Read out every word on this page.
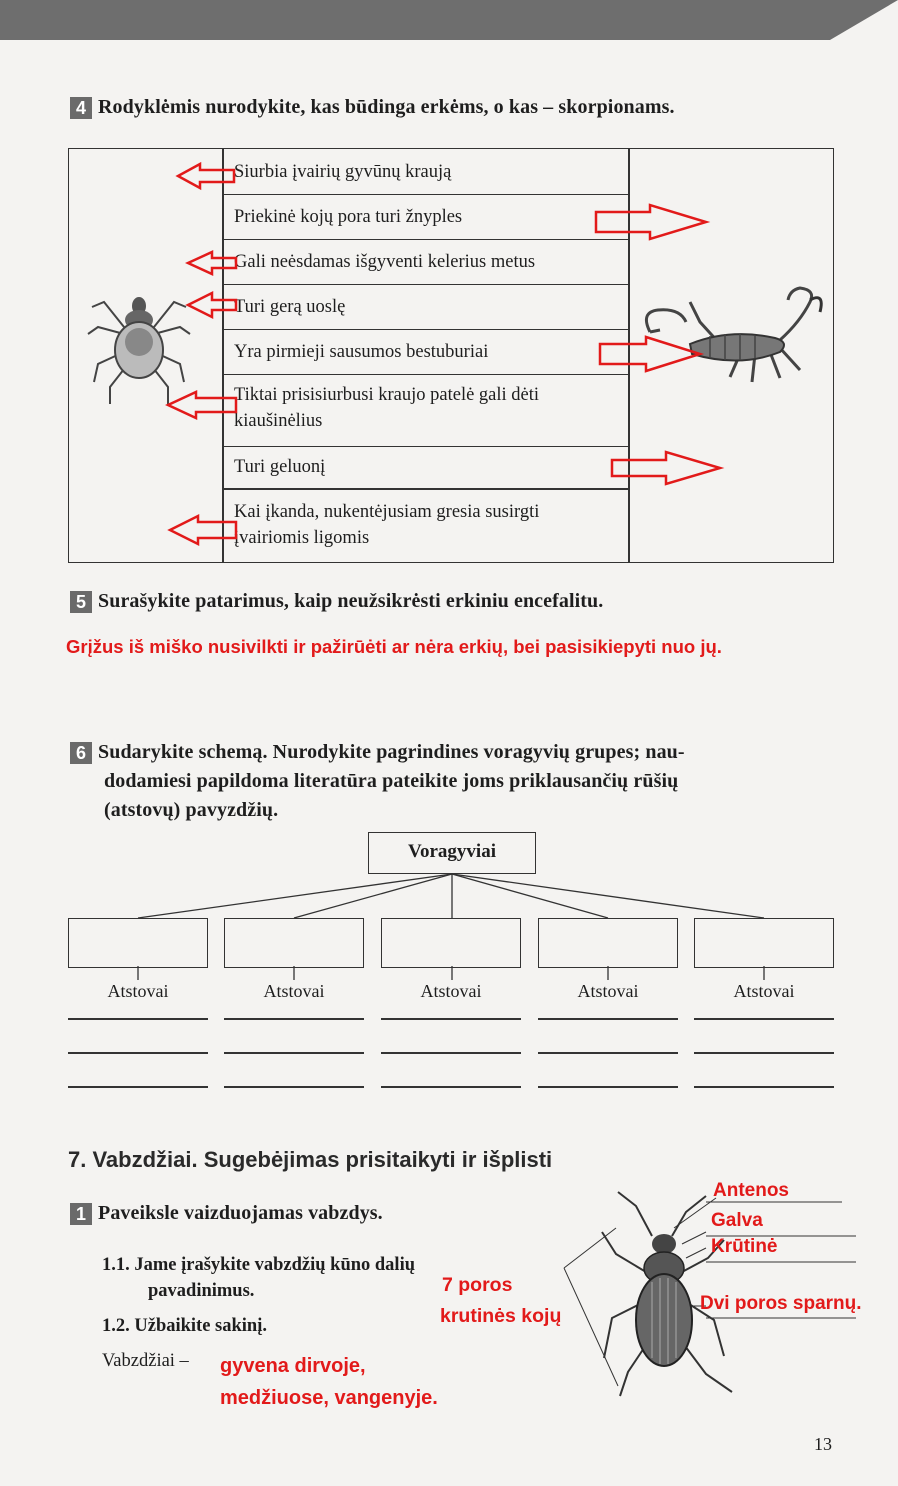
4 Rodyklėmis nurodykite, kas būdinga erkėms, o kas – skorpionams.
Siurbia įvairių gyvūnų kraują
Priekinė kojų pora turi žnyples
Gali neėsdamas išgyventi kelerius metus
Turi gerą uoslę
Yra pirmieji sausumos bestuburiai
Tiktai prisisiurbusi kraujo patelė gali dėti kiaušinėlius
Turi geluonį
Kai įkanda, nukentėjusiam gresia susirgti įvairiomis ligomis
5 Surašykite patarimus, kaip neužsikrėsti erkiniu encefalitu.
Grįžus iš miško nusivilkti ir pažirūėti ar nėra erkių, bei pasisikiepyti nuo jų.
6 Sudarykite schemą. Nurodykite pagrindines voragyvių grupes; nau-
dodamiesi papildoma literatūra pateikite joms priklausančių rūšių
(atstovų) pavyzdžių.
Voragyviai
Atstovai	Atstovai	Atstovai	Atstovai	Atstovai
7. Vabzdžiai. Sugebėjimas prisitaikyti ir išplisti
1 Paveiksle vaizduojamas vabzdys.
1.1. Jame įrašykite vabzdžių kūno dalių
pavadinimus.
1.2. Užbaikite sakinį.
Vabzdžiai – gyvena dirvoje,
medžiuose, vangenyje.
Antenos
Galva
Krūtinė
Dvi poros sparnų.
7 poros
krutinės kojų
13
